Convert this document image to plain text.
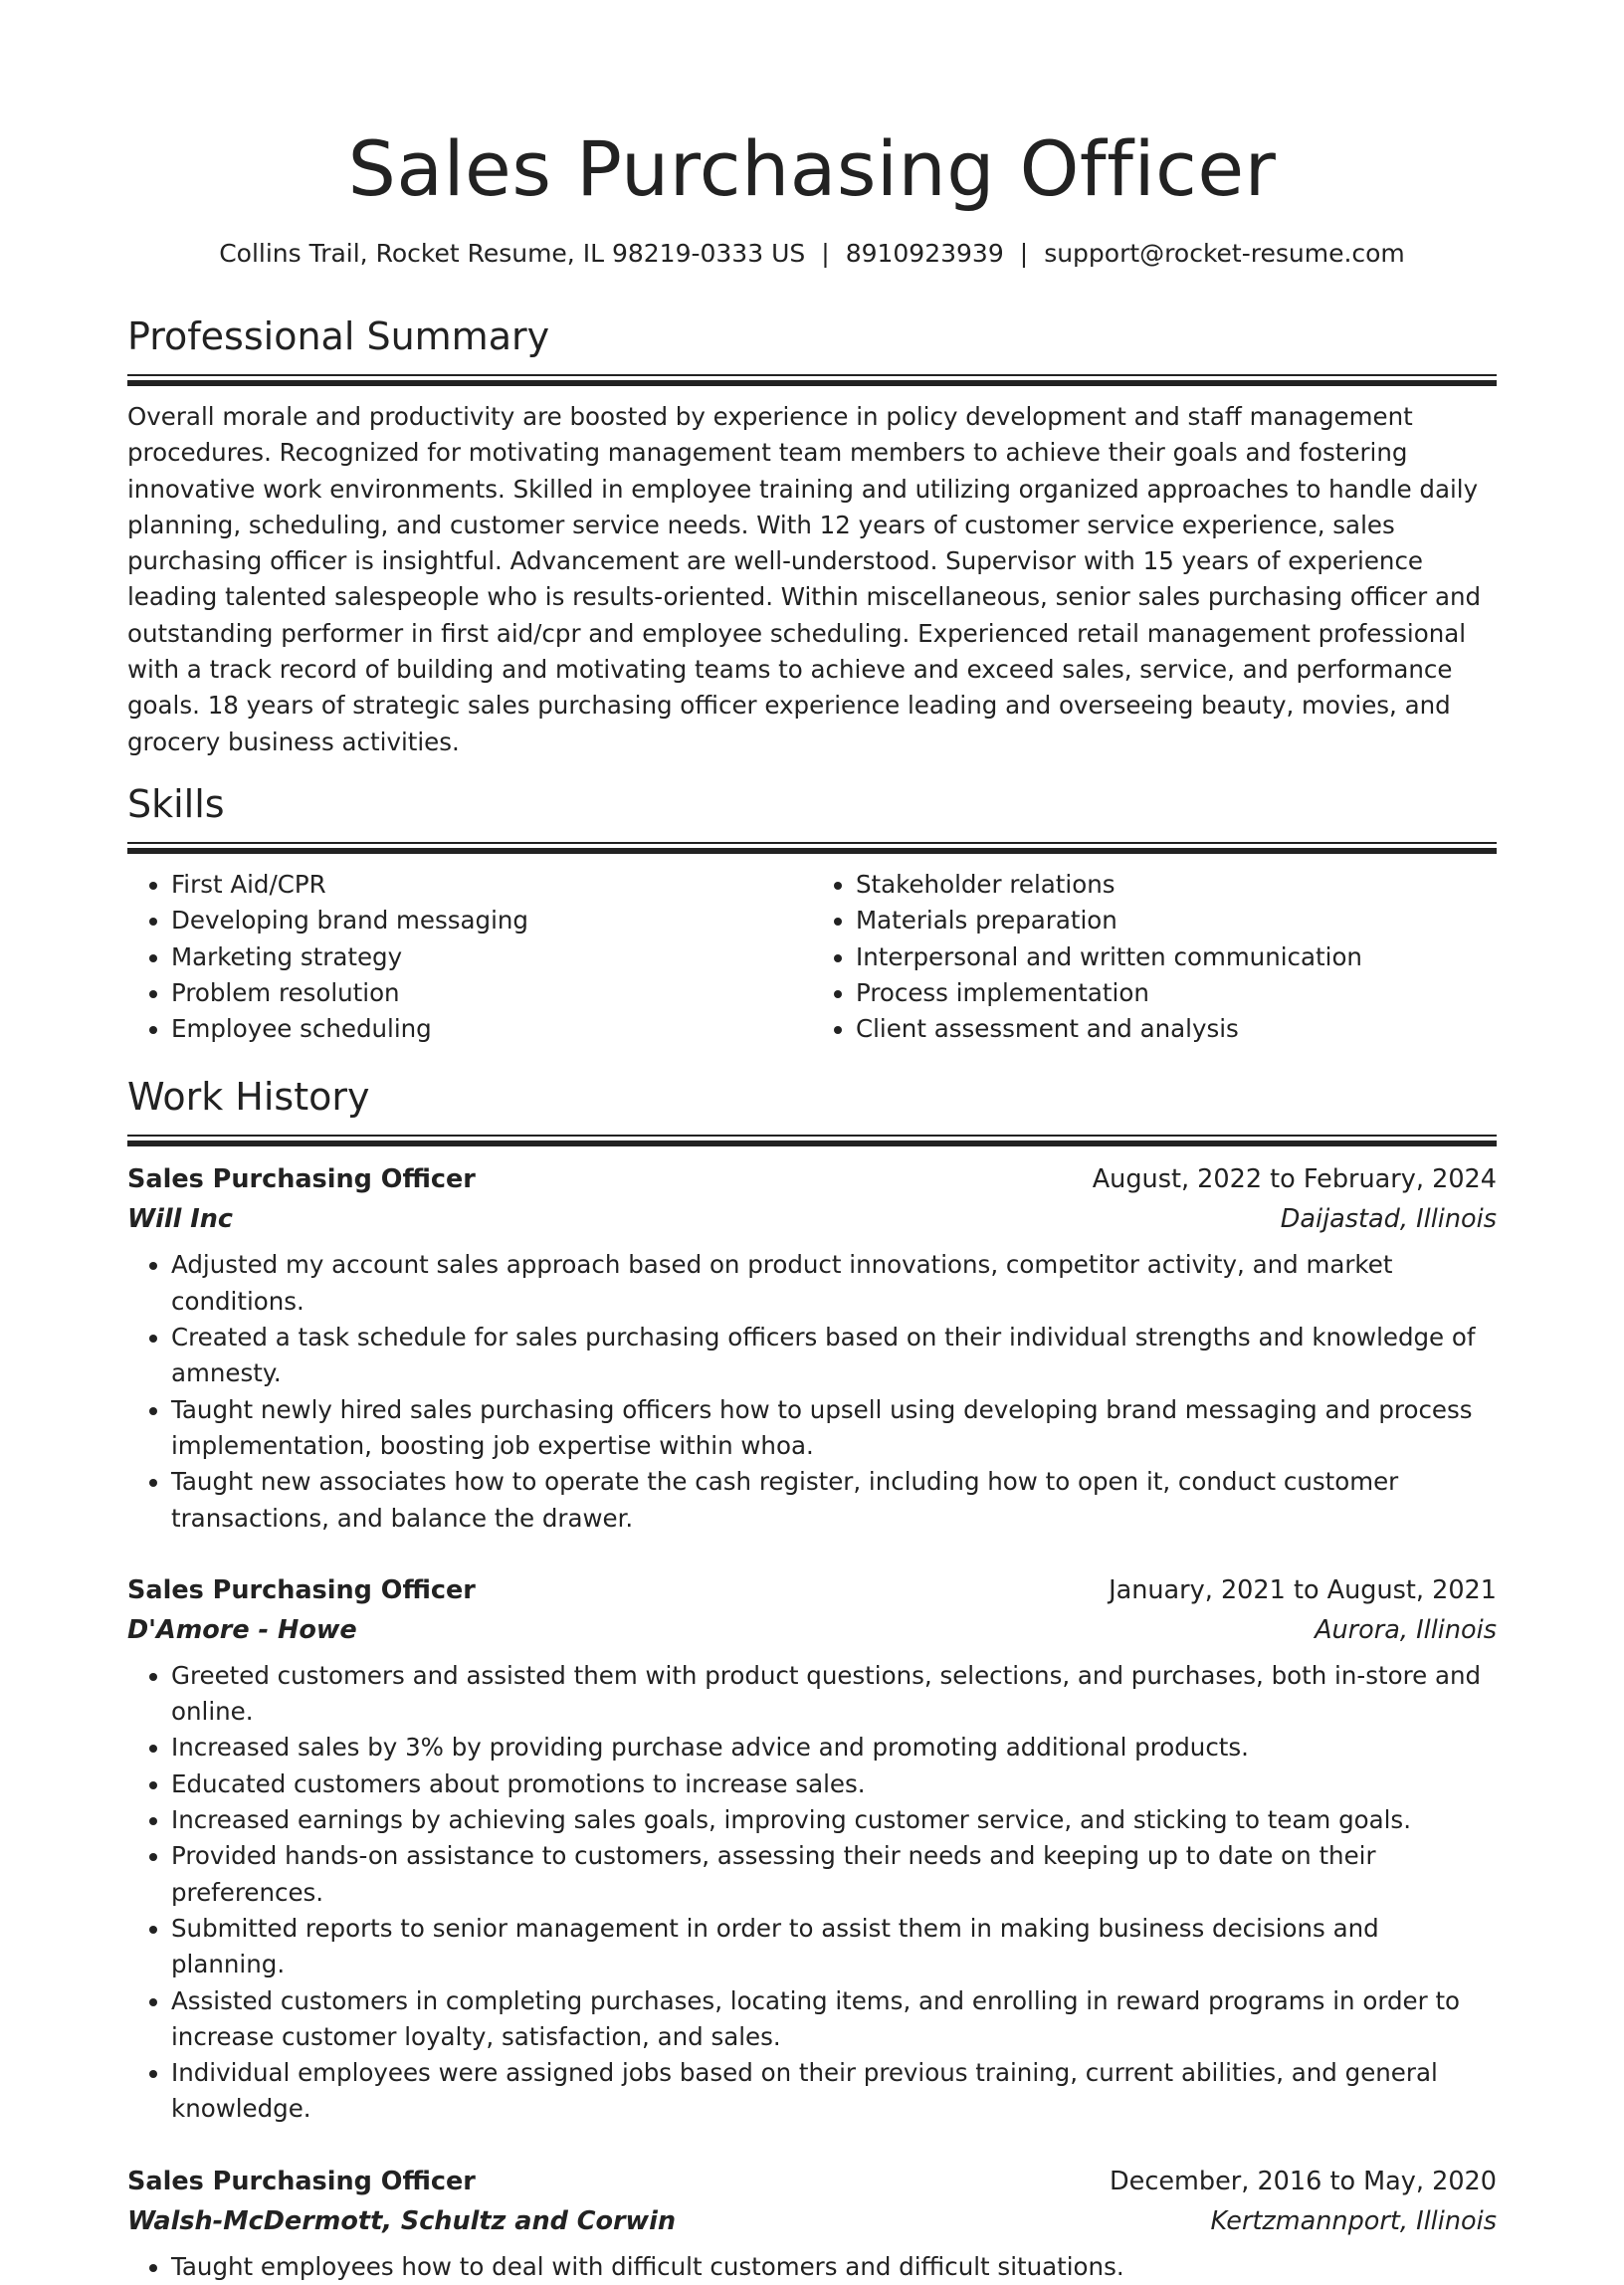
Sales Purchasing Officer
Collins Trail, Rocket Resume, IL 98219-0333 US | 8910923939 | support@rocket-resume.com
Professional Summary
Overall morale and productivity are boosted by experience in policy development and staff management procedures. Recognized for motivating management team members to achieve their goals and fostering innovative work environments. Skilled in employee training and utilizing organized approaches to handle daily planning, scheduling, and customer service needs. With 12 years of customer service experience, sales purchasing officer is insightful. Advancement are well-understood. Supervisor with 15 years of experience leading talented salespeople who is results-oriented. Within miscellaneous, senior sales purchasing officer and outstanding performer in first aid/cpr and employee scheduling. Experienced retail management professional with a track record of building and motivating teams to achieve and exceed sales, service, and performance goals. 18 years of strategic sales purchasing officer experience leading and overseeing beauty, movies, and grocery business activities.
Skills
• First Aid/CPR
• Developing brand messaging
• Marketing strategy
• Problem resolution
• Employee scheduling
• Stakeholder relations
• Materials preparation
• Interpersonal and written communication
• Process implementation
• Client assessment and analysis
Work History
Sales Purchasing Officer	August, 2022 to February, 2024
Will Inc	Daijastad, Illinois
• Adjusted my account sales approach based on product innovations, competitor activity, and market conditions.
• Created a task schedule for sales purchasing officers based on their individual strengths and knowledge of amnesty.
• Taught newly hired sales purchasing officers how to upsell using developing brand messaging and process implementation, boosting job expertise within whoa.
• Taught new associates how to operate the cash register, including how to open it, conduct customer transactions, and balance the drawer.
Sales Purchasing Officer	January, 2021 to August, 2021
D'Amore - Howe	Aurora, Illinois
• Greeted customers and assisted them with product questions, selections, and purchases, both in-store and online.
• Increased sales by 3% by providing purchase advice and promoting additional products.
• Educated customers about promotions to increase sales.
• Increased earnings by achieving sales goals, improving customer service, and sticking to team goals.
• Provided hands-on assistance to customers, assessing their needs and keeping up to date on their preferences.
• Submitted reports to senior management in order to assist them in making business decisions and planning.
• Assisted customers in completing purchases, locating items, and enrolling in reward programs in order to increase customer loyalty, satisfaction, and sales.
• Individual employees were assigned jobs based on their previous training, current abilities, and general knowledge.
Sales Purchasing Officer	December, 2016 to May, 2020
Walsh-McDermott, Schultz and Corwin	Kertzmannport, Illinois
• Taught employees how to deal with difficult customers and difficult situations.
